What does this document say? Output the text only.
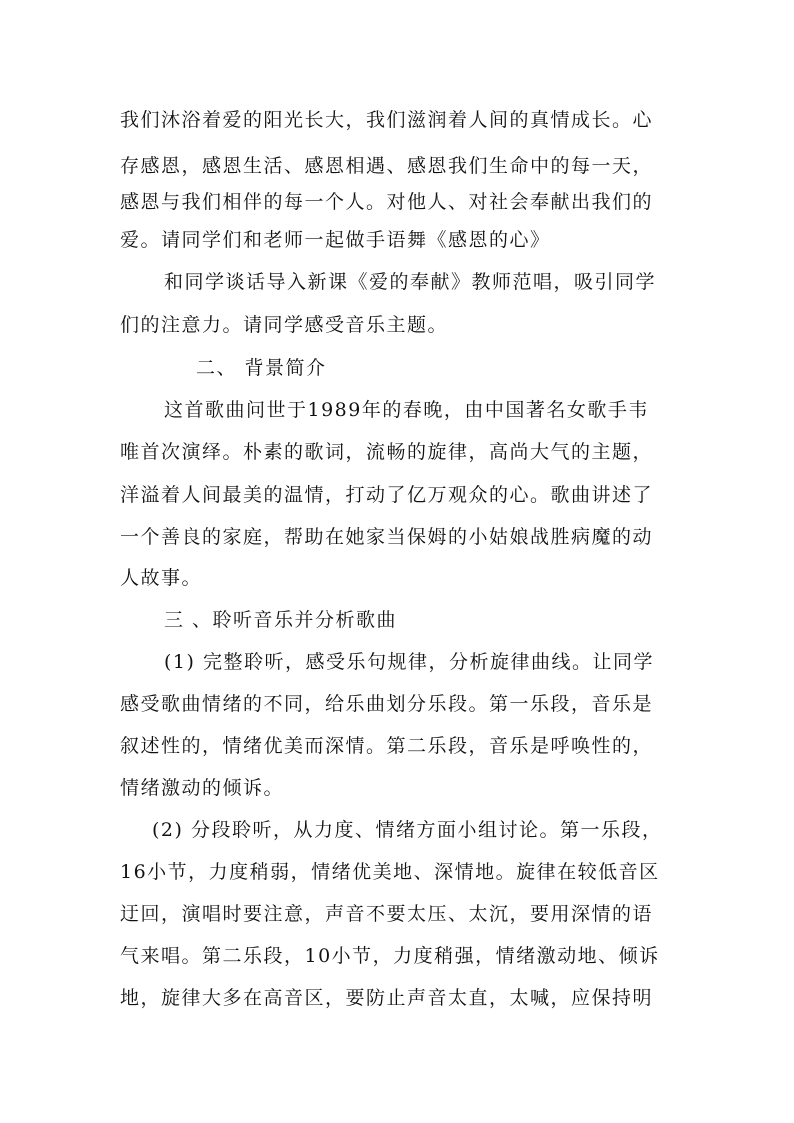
我们沐浴着爱的阳光长大，我们滋润着人间的真情成长。心
存感恩，感恩生活、感恩相遇、感恩我们生命中的每一天，
感恩与我们相伴的每一个人。对他人、对社会奉献出我们的
爱。请同学们和老师一起做手语舞《感恩的心》
和同学谈话导入新课《爱的奉献》教师范唱，吸引同学
们的注意力。请同学感受音乐主题。
二、 背景简介
这首歌曲问世于1989年的春晚，由中国著名女歌手韦
唯首次演绎。朴素的歌词，流畅的旋律，高尚大气的主题，
洋溢着人间最美的温情，打动了亿万观众的心。歌曲讲述了
一个善良的家庭，帮助在她家当保姆的小姑娘战胜病魔的动
人故事。
三 、聆听音乐并分析歌曲
(1) 完整聆听，感受乐句规律，分析旋律曲线。让同学
感受歌曲情绪的不同，给乐曲划分乐段。第一乐段，音乐是
叙述性的，情绪优美而深情。第二乐段，音乐是呼唤性的，
情绪激动的倾诉。
(2) 分段聆听，从力度、情绪方面小组讨论。第一乐段，
16小节，力度稍弱，情绪优美地、深情地。旋律在较低音区
迂回，演唱时要注意，声音不要太压、太沉，要用深情的语
气来唱。第二乐段，10小节，力度稍强，情绪激动地、倾诉
地，旋律大多在高音区，要防止声音太直，太喊，应保持明
